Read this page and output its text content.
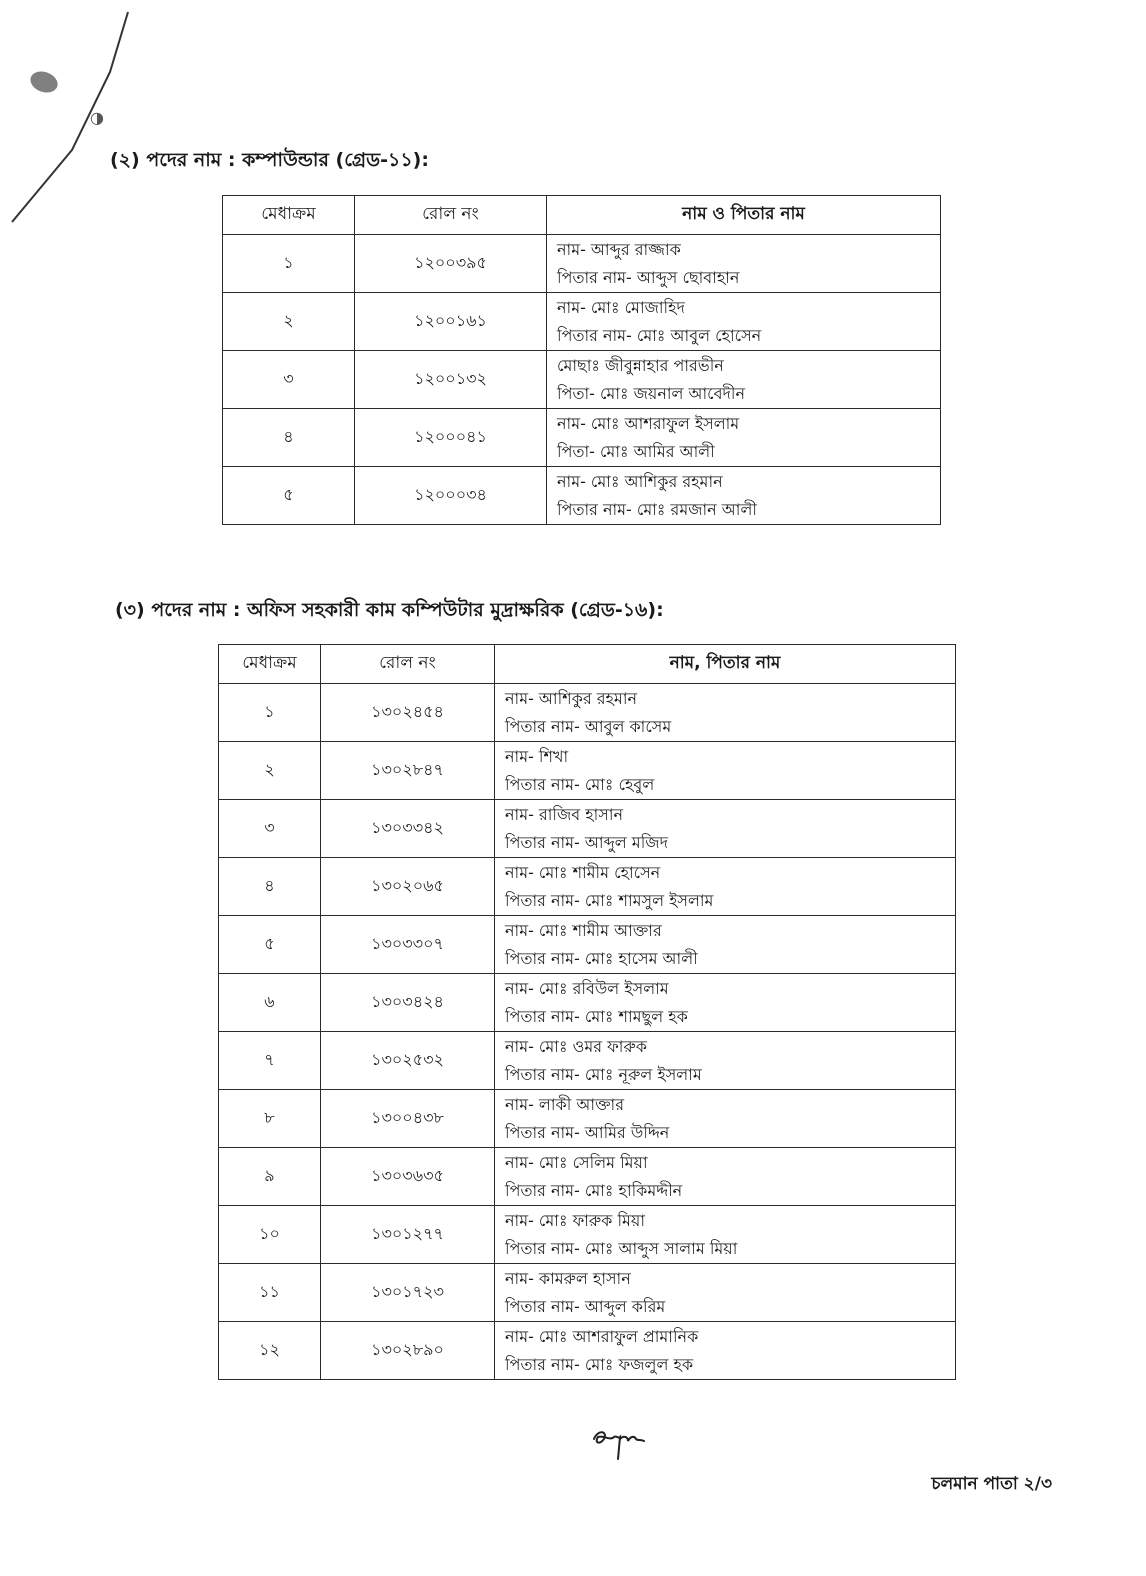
◑
(২) পদের নাম : কম্পাউন্ডার (গ্রেড-১১):
মেধাক্রম	রোল নং	নাম ও পিতার নাম
১	১২০০৩৯৫	নাম- আব্দুর রাজ্জাক
পিতার নাম- আব্দুস ছোবাহান

২	১২০০১৬১	নাম- মোঃ মোজাহিদ
পিতার নাম- মোঃ আবুল হোসেন

৩	১২০০১৩২	মোছাঃ জীবুন্নাহার পারভীন
পিতা- মোঃ জয়নাল আবেদীন

৪	১২০০০৪১	নাম- মোঃ আশরাফুল ইসলাম
পিতা- মোঃ আমির আলী

৫	১২০০০৩৪	নাম- মোঃ আশিকুর রহমান
পিতার নাম- মোঃ রমজান আলী
(৩) পদের নাম : অফিস সহকারী কাম কম্পিউটার মুদ্রাক্ষরিক (গ্রেড-১৬):
মেধাক্রম	রোল নং	নাম, পিতার নাম
১	১৩০২৪৫৪	নাম- আশিকুর রহমান
পিতার নাম- আবুল কাসেম

২	১৩০২৮৪৭	নাম- শিখা
পিতার নাম- মোঃ হেবুল

৩	১৩০৩৩৪২	নাম- রাজিব হাসান
পিতার নাম- আব্দুল মজিদ

৪	১৩০২০৬৫	নাম- মোঃ শামীম হোসেন
পিতার নাম- মোঃ শামসুল ইসলাম

৫	১৩০৩৩০৭	নাম- মোঃ শামীম আক্তার
পিতার নাম- মোঃ হাসেম আলী

৬	১৩০৩৪২৪	নাম- মোঃ রবিউল ইসলাম
পিতার নাম- মোঃ শামছুল হক

৭	১৩০২৫৩২	নাম- মোঃ ওমর ফারুক
পিতার নাম- মোঃ নূরুল ইসলাম

৮	১৩০০৪৩৮	নাম- লাকী আক্তার
পিতার নাম- আমির উদ্দিন

৯	১৩০৩৬৩৫	নাম- মোঃ সেলিম মিয়া
পিতার নাম- মোঃ হাকিমদ্দীন

১০	১৩০১২৭৭	নাম- মোঃ ফারুক মিয়া
পিতার নাম- মোঃ আব্দুস সালাম মিয়া

১১	১৩০১৭২৩	নাম- কামরুল হাসান
পিতার নাম- আব্দুল করিম

১২	১৩০২৮৯০	নাম- মোঃ আশরাফুল প্রামানিক
পিতার নাম- মোঃ ফজলুল হক
চলমান পাতা ২/৩
